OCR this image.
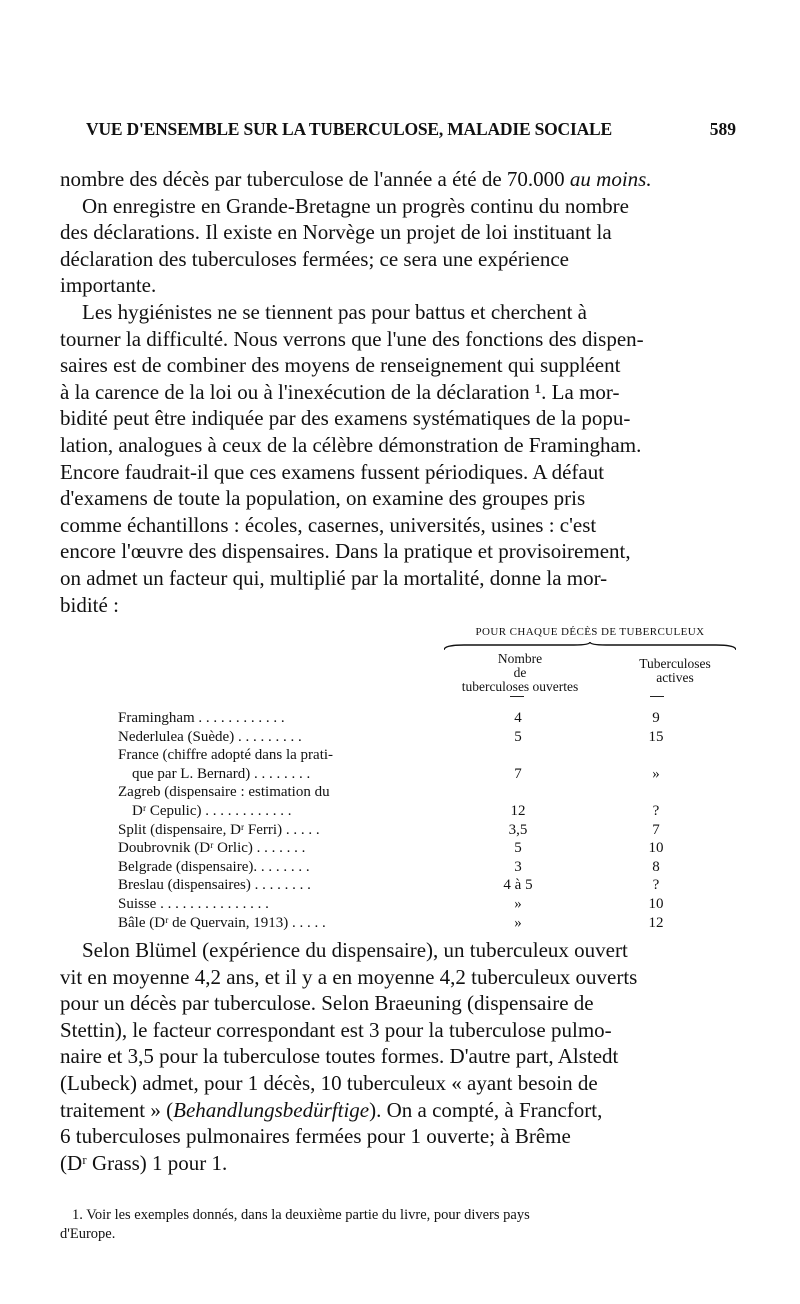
VUE D'ENSEMBLE SUR LA TUBERCULOSE, MALADIE SOCIALE	589
nombre des décès par tuberculose de l'année a été de 70.000 au moins.
On enregistre en Grande-Bretagne un progrès continu du nombre
des déclarations. Il existe en Norvège un projet de loi instituant la
déclaration des tuberculoses fermées; ce sera une expérience
importante.
Les hygiénistes ne se tiennent pas pour battus et cherchent à
tourner la difficulté. Nous verrons que l'une des fonctions des dispen-
saires est de combiner des moyens de renseignement qui suppléent
à la carence de la loi ou à l'inexécution de la déclaration ¹. La mor-
bidité peut être indiquée par des examens systématiques de la popu-
lation, analogues à ceux de la célèbre démonstration de Framingham.
Encore faudrait-il que ces examens fussent périodiques. A défaut
d'examens de toute la population, on examine des groupes pris
comme échantillons : écoles, casernes, universités, usines : c'est
encore l'œuvre des dispensaires. Dans la pratique et provisoirement,
on admet un facteur qui, multiplié par la mortalité, donne la mor-
bidité :
POUR CHAQUE DÉCÈS DE TUBERCULEUX
Nombre
de
tuberculoses ouvertes
Tuberculoses
actives
Framingham . . . . . . . . . . . .	4	9
Nederlulea (Suède) . . . . . . . . .	5	15
France (chiffre adopté dans la prati-
que par L. Bernard) . . . . . . . .	7	»
Zagreb (dispensaire : estimation du
Dʳ Cepulic) . . . . . . . . . . . .	12	?
Split (dispensaire, Dʳ Ferri) . . . . .	3,5	7
Doubrovnik (Dʳ Orlic) . . . . . . .	5	10
Belgrade (dispensaire). . . . . . . .	3	8
Breslau (dispensaires) . . . . . . . .	4 à 5	?
Suisse . . . . . . . . . . . . . . .	»	10
Bâle (Dʳ de Quervain, 1913) . . . . .	»	12
Selon Blümel (expérience du dispensaire), un tuberculeux ouvert
vit en moyenne 4,2 ans, et il y a en moyenne 4,2 tuberculeux ouverts
pour un décès par tuberculose. Selon Braeuning (dispensaire de
Stettin), le facteur correspondant est 3 pour la tuberculose pulmo-
naire et 3,5 pour la tuberculose toutes formes. D'autre part, Alstedt
(Lubeck) admet, pour 1 décès, 10 tuberculeux « ayant besoin de
traitement » (Behandlungsbedürftige). On a compté, à Francfort,
6 tuberculoses pulmonaires fermées pour 1 ouverte; à Brême
(Dʳ Grass) 1 pour 1.
1. Voir les exemples donnés, dans la deuxième partie du livre, pour divers pays
d'Europe.
